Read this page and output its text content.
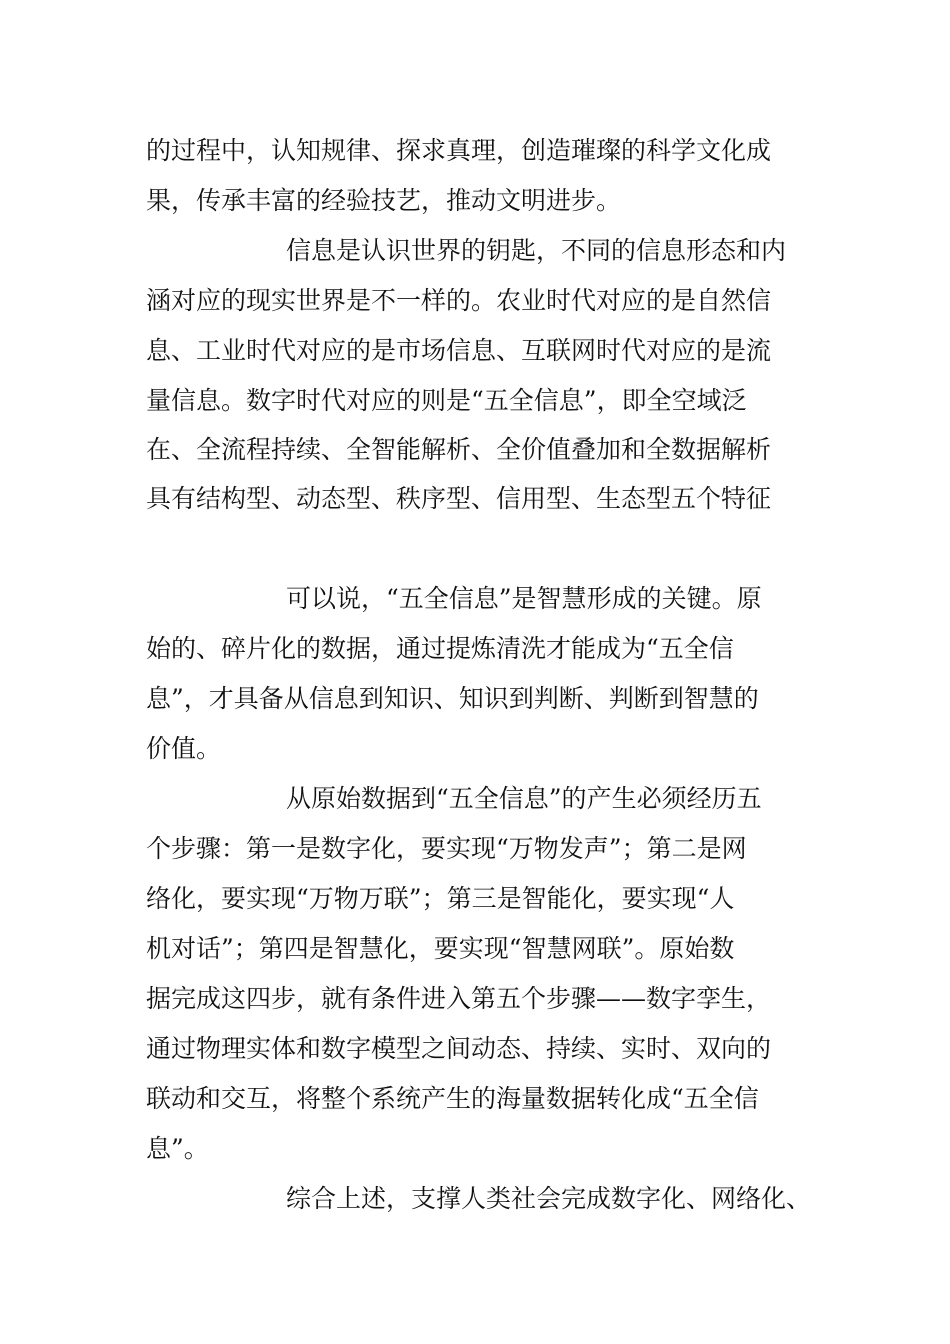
的过程中，认知规律、探求真理，创造璀璨的科学文化成
果，传承丰富的经验技艺，推动文明进步。
信息是认识世界的钥匙，不同的信息形态和内
涵对应的现实世界是不一样的。农业时代对应的是自然信
息、工业时代对应的是市场信息、互联网时代对应的是流
量信息。数字时代对应的则是“五全信息”，即全空域泛
在、全流程持续、全智能解析、全价值叠加和全数据解析
具有结构型、动态型、秩序型、信用型、生态型五个特征
可以说，“五全信息”是智慧形成的关键。原
始的、碎片化的数据，通过提炼清洗才能成为“五全信
息”，才具备从信息到知识、知识到判断、判断到智慧的
价值。
从原始数据到“五全信息”的产生必须经历五
个步骤：第一是数字化，要实现“万物发声”；第二是网
络化，要实现“万物万联”；第三是智能化，要实现“人
机对话”；第四是智慧化，要实现“智慧网联”。原始数
据完成这四步，就有条件进入第五个步骤——数字孪生，
通过物理实体和数字模型之间动态、持续、实时、双向的
联动和交互，将整个系统产生的海量数据转化成“五全信
息”。
综合上述，支撑人类社会完成数字化、网络化、
